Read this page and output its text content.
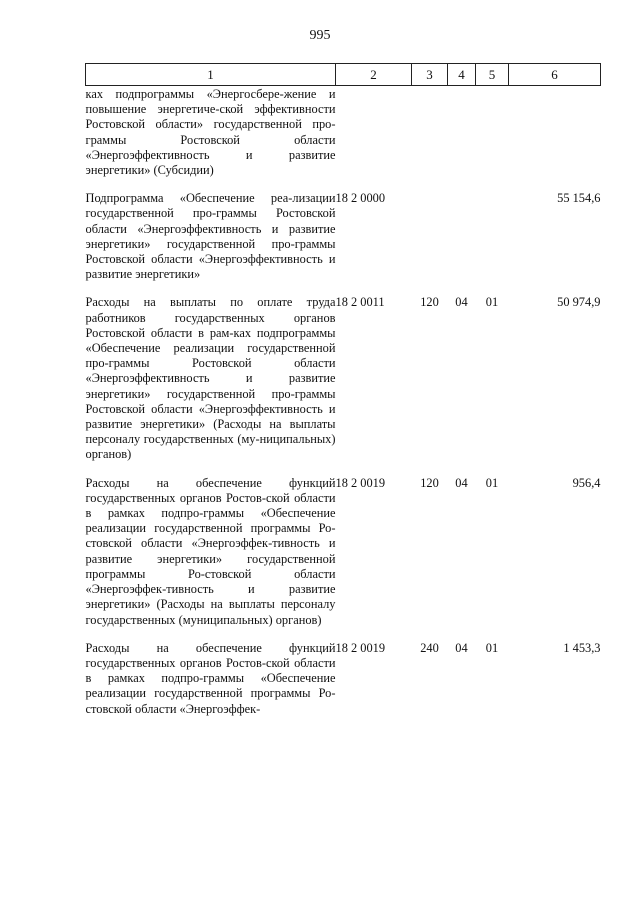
995
1	2	3	4	5	6

ках подпрограммы «Энергосбере-жение и повышение энергетиче-ской эффективности Ростовской области» государственной про-граммы Ростовской области «Энергоэффективность и развитие энергетики» (Субсидии)					

Подпрограмма «Обеспечение реа-лизации государственной про-граммы Ростовской области «Энергоэффективность и развитие энергетики» государственной про-граммы Ростовской области «Энергоэффективность и развитие энергетики»	18 2 0000				55 154,6

Расходы на выплаты по оплате труда работников государственных органов Ростовской области в рам-ках подпрограммы «Обеспечение реализации государственной про-граммы Ростовской области «Энергоэффективность и развитие энергетики» государственной про-граммы Ростовской области «Энергоэффективность и развитие энергетики» (Расходы на выплаты персоналу государственных (му-ниципальных) органов)	18 2 0011	120	04	01	50 974,9

Расходы на обеспечение функций государственных органов Ростов-ской области в рамках подпро-граммы «Обеспечение реализации государственной программы Ро-стовской области «Энергоэффек-тивность и развитие энергетики» государственной программы Ро-стовской области «Энергоэффек-тивность и развитие энергетики» (Расходы на выплаты персоналу государственных (муниципальных) органов)	18 2 0019	120	04	01	956,4

Расходы на обеспечение функций государственных органов Ростов-ской области в рамках подпро-граммы «Обеспечение реализации государственной программы Ро-стовской области «Энергоэффек-	18 2 0019	240	04	01	1 453,3
